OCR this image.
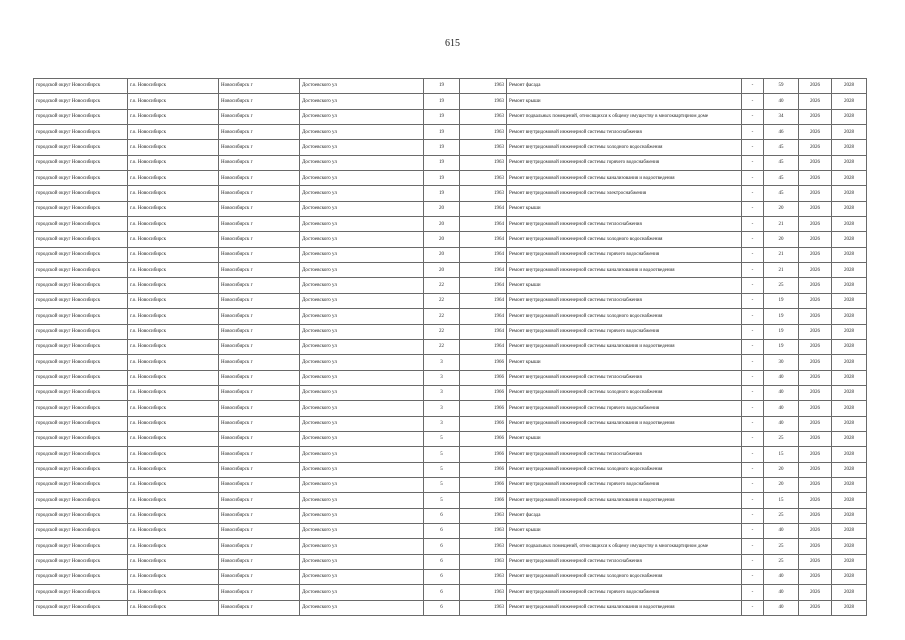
615
городской округ Новосибирск	г.о. Новосибирск	Новосибирск г	Достоевского ул	19	1963	Ремонт фасада	-	59	2026	2028
городской округ Новосибирск	г.о. Новосибирск	Новосибирск г	Достоевского ул	19	1963	Ремонт крыши	-	40	2026	2028
городской округ Новосибирск	г.о. Новосибирск	Новосибирск г	Достоевского ул	19	1963	Ремонт подвальных помещений, относящихся к общему имуществу в многоквартирном доме	-	34	2026	2028
городской округ Новосибирск	г.о. Новосибирск	Новосибирск г	Достоевского ул	19	1963	Ремонт внутридомовой инженерной системы теплоснабжения	-	46	2026	2028
городской округ Новосибирск	г.о. Новосибирск	Новосибирск г	Достоевского ул	19	1963	Ремонт внутридомовой инженерной системы холодного водоснабжения	-	45	2026	2028
городской округ Новосибирск	г.о. Новосибирск	Новосибирск г	Достоевского ул	19	1963	Ремонт внутридомовой инженерной системы горячего водоснабжения	-	45	2026	2028
городской округ Новосибирск	г.о. Новосибирск	Новосибирск г	Достоевского ул	19	1963	Ремонт внутридомовой инженерной системы канализования и водоотведения	-	45	2026	2028
городской округ Новосибирск	г.о. Новосибирск	Новосибирск г	Достоевского ул	19	1963	Ремонт внутридомовой инженерной системы электроснабжения	-	45	2026	2028
городской округ Новосибирск	г.о. Новосибирск	Новосибирск г	Достоевского ул	20	1964	Ремонт крыши	-	20	2026	2028
городской округ Новосибирск	г.о. Новосибирск	Новосибирск г	Достоевского ул	20	1964	Ремонт внутридомовой инженерной системы теплоснабжения	-	21	2026	2028
городской округ Новосибирск	г.о. Новосибирск	Новосибирск г	Достоевского ул	20	1964	Ремонт внутридомовой инженерной системы холодного водоснабжения	-	20	2026	2028
городской округ Новосибирск	г.о. Новосибирск	Новосибирск г	Достоевского ул	20	1964	Ремонт внутридомовой инженерной системы горячего водоснабжения	-	21	2026	2028
городской округ Новосибирск	г.о. Новосибирск	Новосибирск г	Достоевского ул	20	1964	Ремонт внутридомовой инженерной системы канализования и водоотведения	-	21	2026	2028
городской округ Новосибирск	г.о. Новосибирск	Новосибирск г	Достоевского ул	22	1964	Ремонт крыши	-	25	2026	2028
городской округ Новосибирск	г.о. Новосибирск	Новосибирск г	Достоевского ул	22	1964	Ремонт внутридомовой инженерной системы теплоснабжения	-	19	2026	2028
городской округ Новосибирск	г.о. Новосибирск	Новосибирск г	Достоевского ул	22	1964	Ремонт внутридомовой инженерной системы холодного водоснабжения	-	19	2026	2028
городской округ Новосибирск	г.о. Новосибирск	Новосибирск г	Достоевского ул	22	1964	Ремонт внутридомовой инженерной системы горячего водоснабжения	-	19	2026	2028
городской округ Новосибирск	г.о. Новосибирск	Новосибирск г	Достоевского ул	22	1964	Ремонт внутридомовой инженерной системы канализования и водоотведения	-	19	2026	2028
городской округ Новосибирск	г.о. Новосибирск	Новосибирск г	Достоевского ул	3	1966	Ремонт крыши	-	30	2026	2028
городской округ Новосибирск	г.о. Новосибирск	Новосибирск г	Достоевского ул	3	1966	Ремонт внутридомовой инженерной системы теплоснабжения	-	40	2026	2028
городской округ Новосибирск	г.о. Новосибирск	Новосибирск г	Достоевского ул	3	1966	Ремонт внутридомовой инженерной системы холодного водоснабжения	-	40	2026	2028
городской округ Новосибирск	г.о. Новосибирск	Новосибирск г	Достоевского ул	3	1966	Ремонт внутридомовой инженерной системы горячего водоснабжения	-	40	2026	2028
городской округ Новосибирск	г.о. Новосибирск	Новосибирск г	Достоевского ул	3	1966	Ремонт внутридомовой инженерной системы канализования и водоотведения	-	40	2026	2028
городской округ Новосибирск	г.о. Новосибирск	Новосибирск г	Достоевского ул	5	1966	Ремонт крыши	-	25	2026	2028
городской округ Новосибирск	г.о. Новосибирск	Новосибирск г	Достоевского ул	5	1966	Ремонт внутридомовой инженерной системы теплоснабжения	-	15	2026	2028
городской округ Новосибирск	г.о. Новосибирск	Новосибирск г	Достоевского ул	5	1966	Ремонт внутридомовой инженерной системы холодного водоснабжения	-	20	2026	2028
городской округ Новосибирск	г.о. Новосибирск	Новосибирск г	Достоевского ул	5	1966	Ремонт внутридомовой инженерной системы горячего водоснабжения	-	20	2026	2028
городской округ Новосибирск	г.о. Новосибирск	Новосибирск г	Достоевского ул	5	1966	Ремонт внутридомовой инженерной системы канализования и водоотведения	-	15	2026	2028
городской округ Новосибирск	г.о. Новосибирск	Новосибирск г	Достоевского ул	6	1963	Ремонт фасада	-	25	2026	2028
городской округ Новосибирск	г.о. Новосибирск	Новосибирск г	Достоевского ул	6	1963	Ремонт крыши	-	40	2026	2028
городской округ Новосибирск	г.о. Новосибирск	Новосибирск г	Достоевского ул	6	1963	Ремонт подвальных помещений, относящихся к общему имуществу в многоквартирном доме	-	25	2026	2028
городской округ Новосибирск	г.о. Новосибирск	Новосибирск г	Достоевского ул	6	1963	Ремонт внутридомовой инженерной системы теплоснабжения	-	25	2026	2028
городской округ Новосибирск	г.о. Новосибирск	Новосибирск г	Достоевского ул	6	1963	Ремонт внутридомовой инженерной системы холодного водоснабжения	-	40	2026	2028
городской округ Новосибирск	г.о. Новосибирск	Новосибирск г	Достоевского ул	6	1963	Ремонт внутридомовой инженерной системы горячего водоснабжения	-	40	2026	2028
городской округ Новосибирск	г.о. Новосибирск	Новосибирск г	Достоевского ул	6	1963	Ремонт внутридомовой инженерной системы канализования и водоотведения	-	40	2026	2028
